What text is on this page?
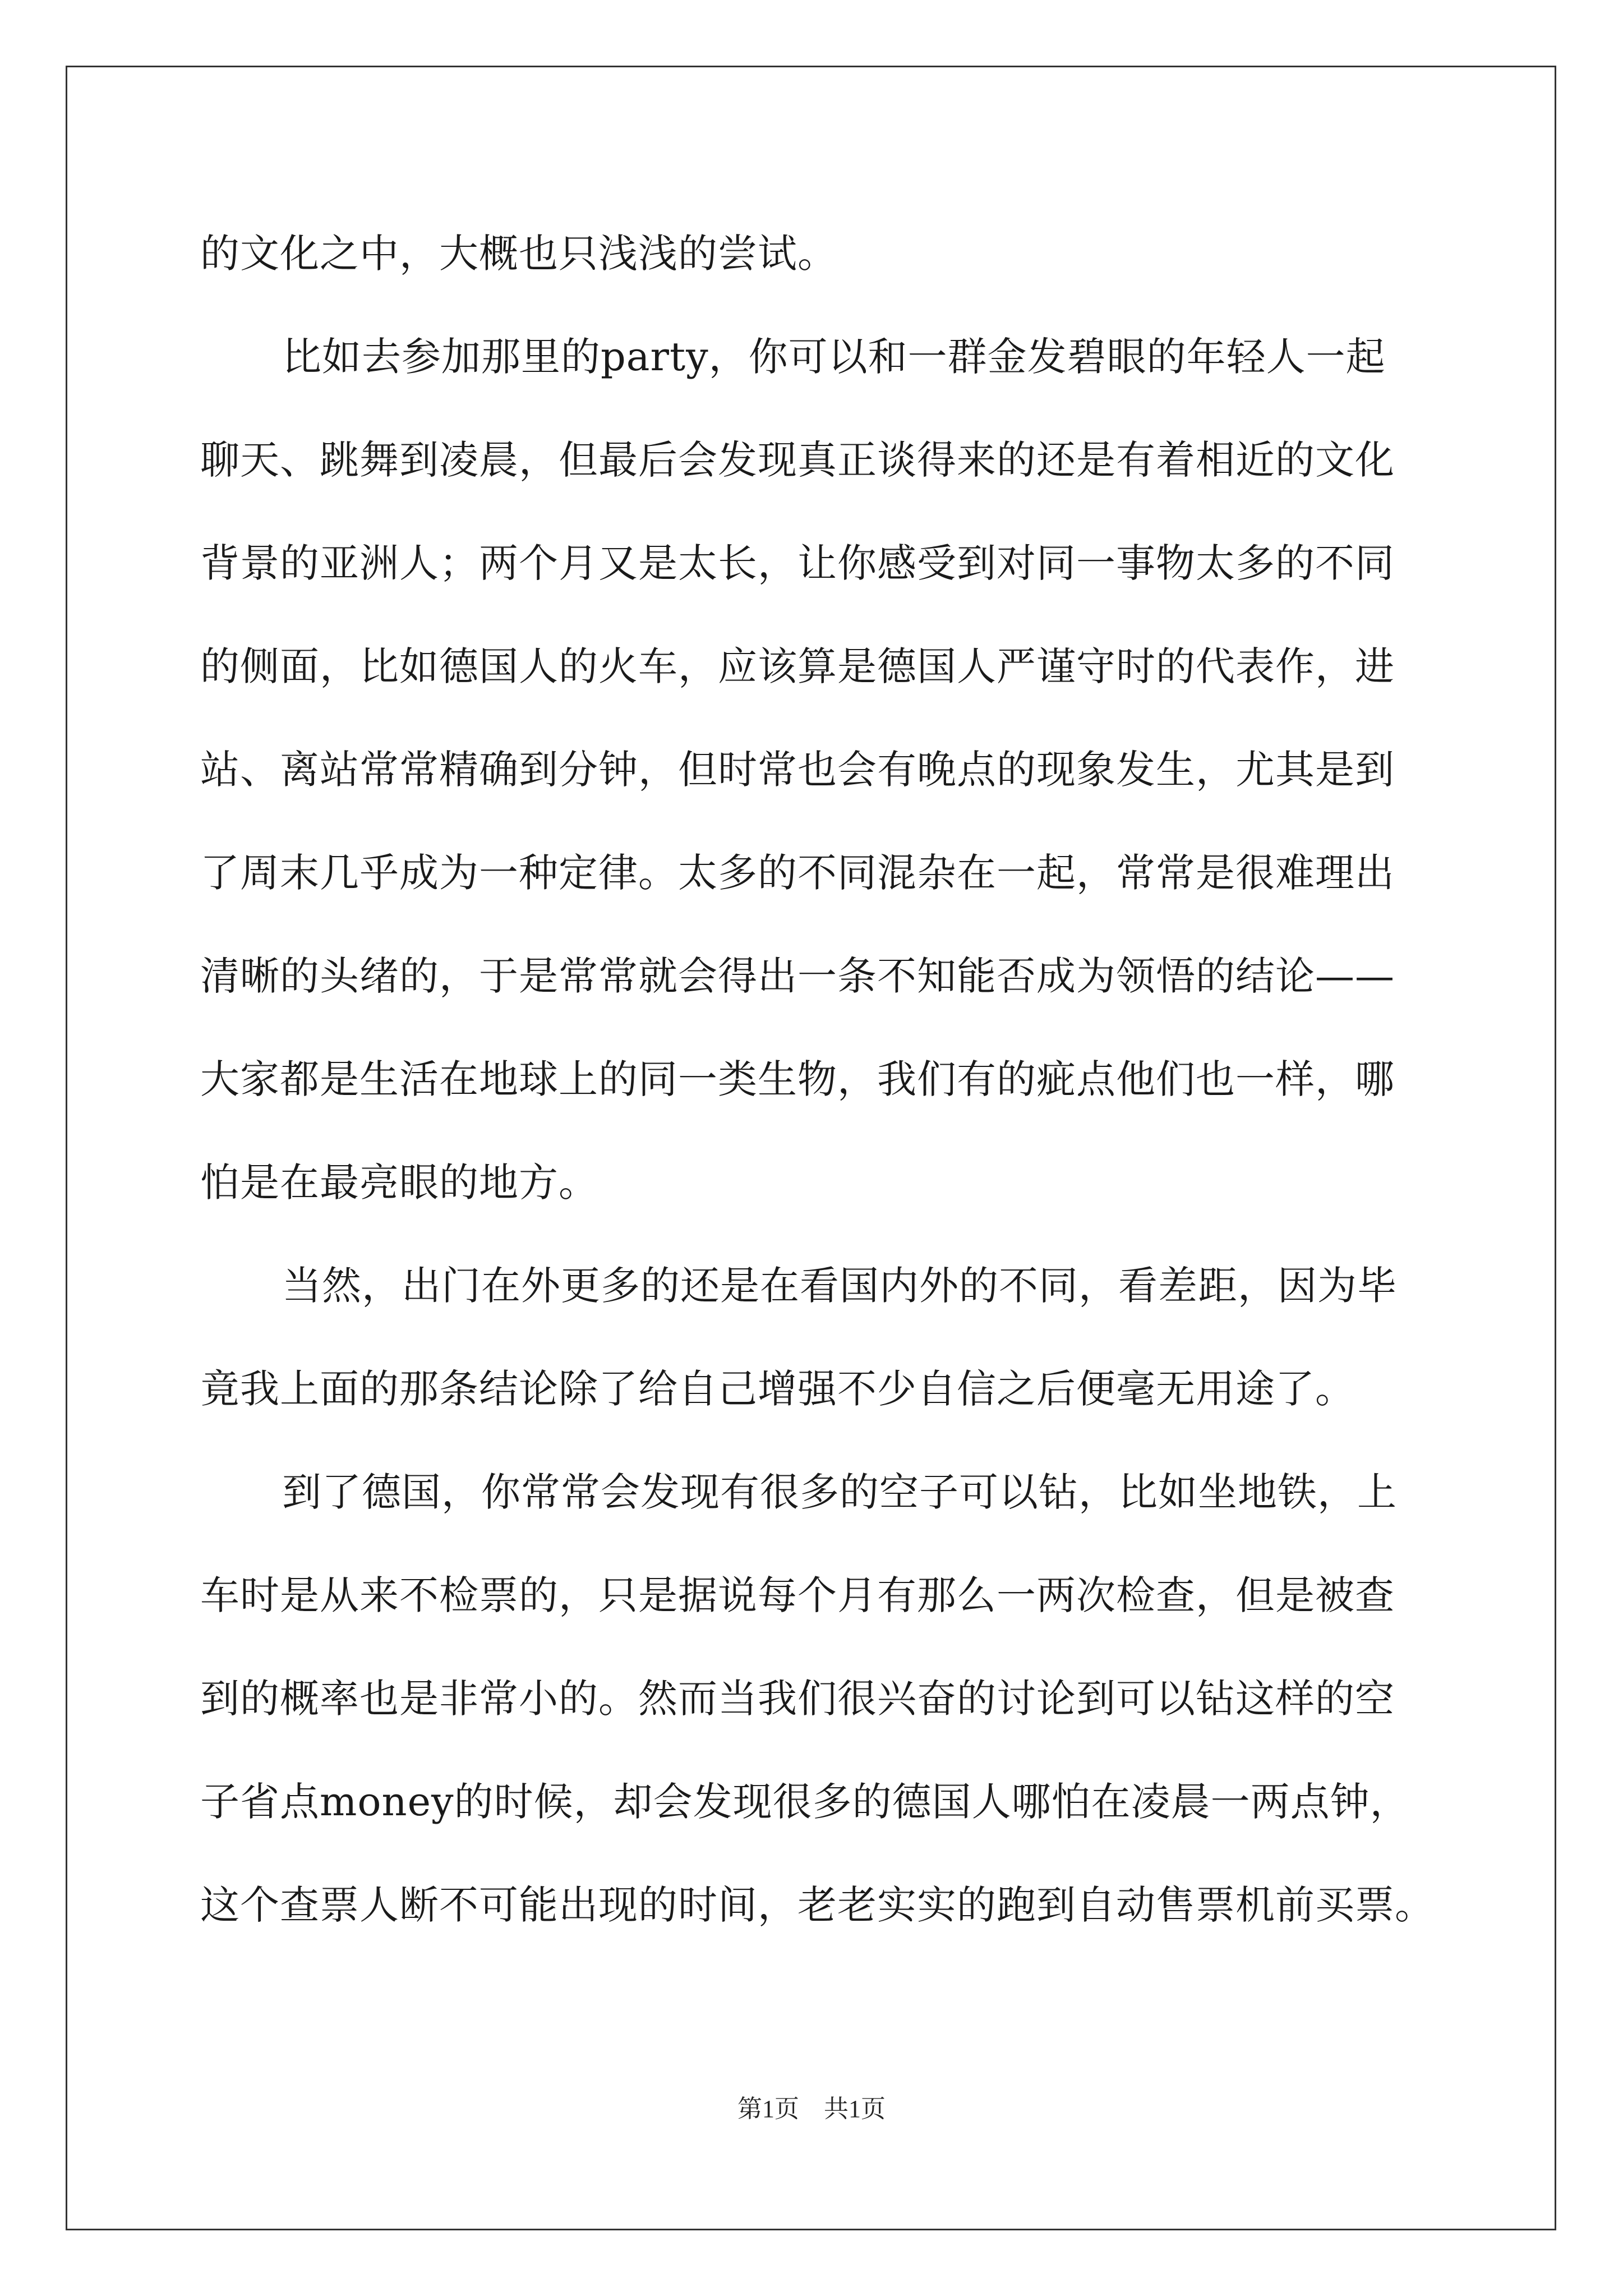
的文化之中，大概也只浅浅的尝试。
比如去参加那里的party，你可以和一群金发碧眼的年轻人一起
聊天、跳舞到凌晨，但最后会发现真正谈得来的还是有着相近的文化
背景的亚洲人；两个月又是太长，让你感受到对同一事物太多的不同
的侧面，比如德国人的火车，应该算是德国人严谨守时的代表作，进
站、离站常常精确到分钟，但时常也会有晚点的现象发生，尤其是到
了周末几乎成为一种定律。太多的不同混杂在一起，常常是很难理出
清晰的头绪的，于是常常就会得出一条不知能否成为领悟的结论——
大家都是生活在地球上的同一类生物，我们有的疵点他们也一样，哪
怕是在最亮眼的地方。
当然，出门在外更多的还是在看国内外的不同，看差距，因为毕
竟我上面的那条结论除了给自己增强不少自信之后便毫无用途了。
到了德国，你常常会发现有很多的空子可以钻，比如坐地铁，上
车时是从来不检票的，只是据说每个月有那么一两次检查，但是被查
到的概率也是非常小的。然而当我们很兴奋的讨论到可以钻这样的空
子省点money的时候，却会发现很多的德国人哪怕在凌晨一两点钟，
这个查票人断不可能出现的时间，老老实实的跑到自动售票机前买票。
第1页　共1页
